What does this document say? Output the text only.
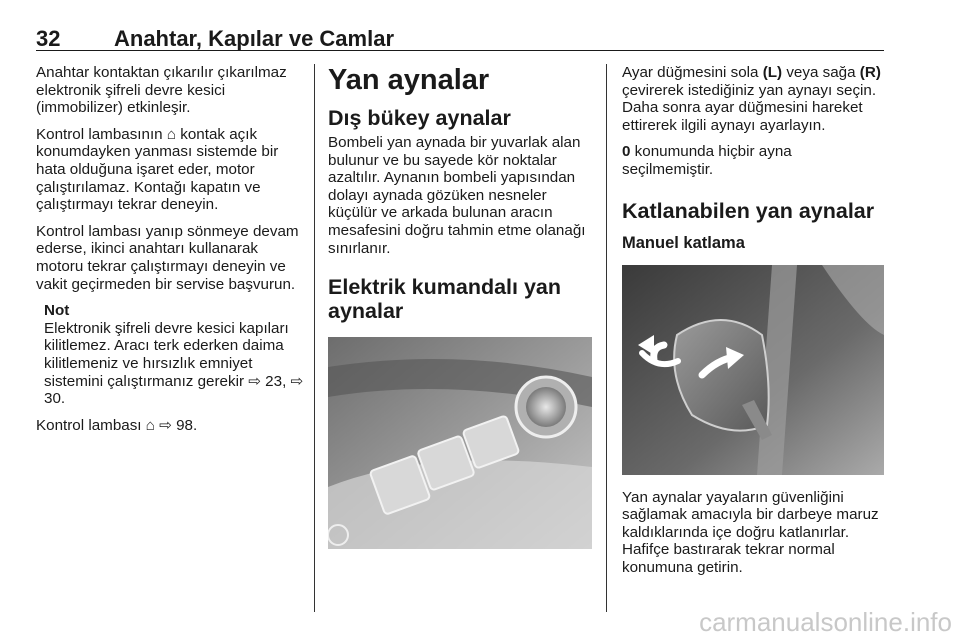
32 Anahtar, Kapılar ve Camlar

Anahtar kontaktan çıkarılır çıkarılmaz elektronik şifreli devre kesici (immobilizer) etkinleşir.

Kontrol lambasının ⌂ kontak açık konumdayken yanması sistemde bir hata olduğuna işaret eder, motor çalıştırılamaz. Kontağı kapatın ve çalıştırmayı tekrar deneyin.

Kontrol lambası yanıp sönmeye devam ederse, ikinci anahtarı kullanarak motoru tekrar çalıştırmayı deneyin ve vakit geçirmeden bir servise başvurun.

Not
Elektronik şifreli devre kesici kapıları kilitlemez. Aracı terk ederken daima kilitlemeniz ve hırsızlık emniyet sistemini çalıştırmanız gerekir ⇨ 23, ⇨ 30.

Kontrol lambası ⌂ ⇨ 98.

Yan aynalar
Dış bükey aynalar

Bombeli yan aynada bir yuvarlak alan bulunur ve bu sayede kör noktalar azaltılır. Aynanın bombeli yapısından dolayı aynada gözüken nesneler küçülür ve arkada bulunan aracın mesafesini doğru tahmin etme olanağı sınırlanır.

Elektrik kumandalı yan aynalar

Ayar düğmesini sola (L) veya sağa (R) çevirerek istediğiniz yan aynayı seçin. Daha sonra ayar düğmesini hareket ettirerek ilgili aynayı ayarlayın.

0 konumunda hiçbir ayna seçilmemiştir.

Katlanabilen yan aynalar
Manuel katlama

Yan aynalar yayaların güvenliğini sağlamak amacıyla bir darbeye maruz kaldıklarında içe doğru katlanırlar. Hafifçe bastırarak tekrar normal konumuna getirin.

carmanualsonline.info
